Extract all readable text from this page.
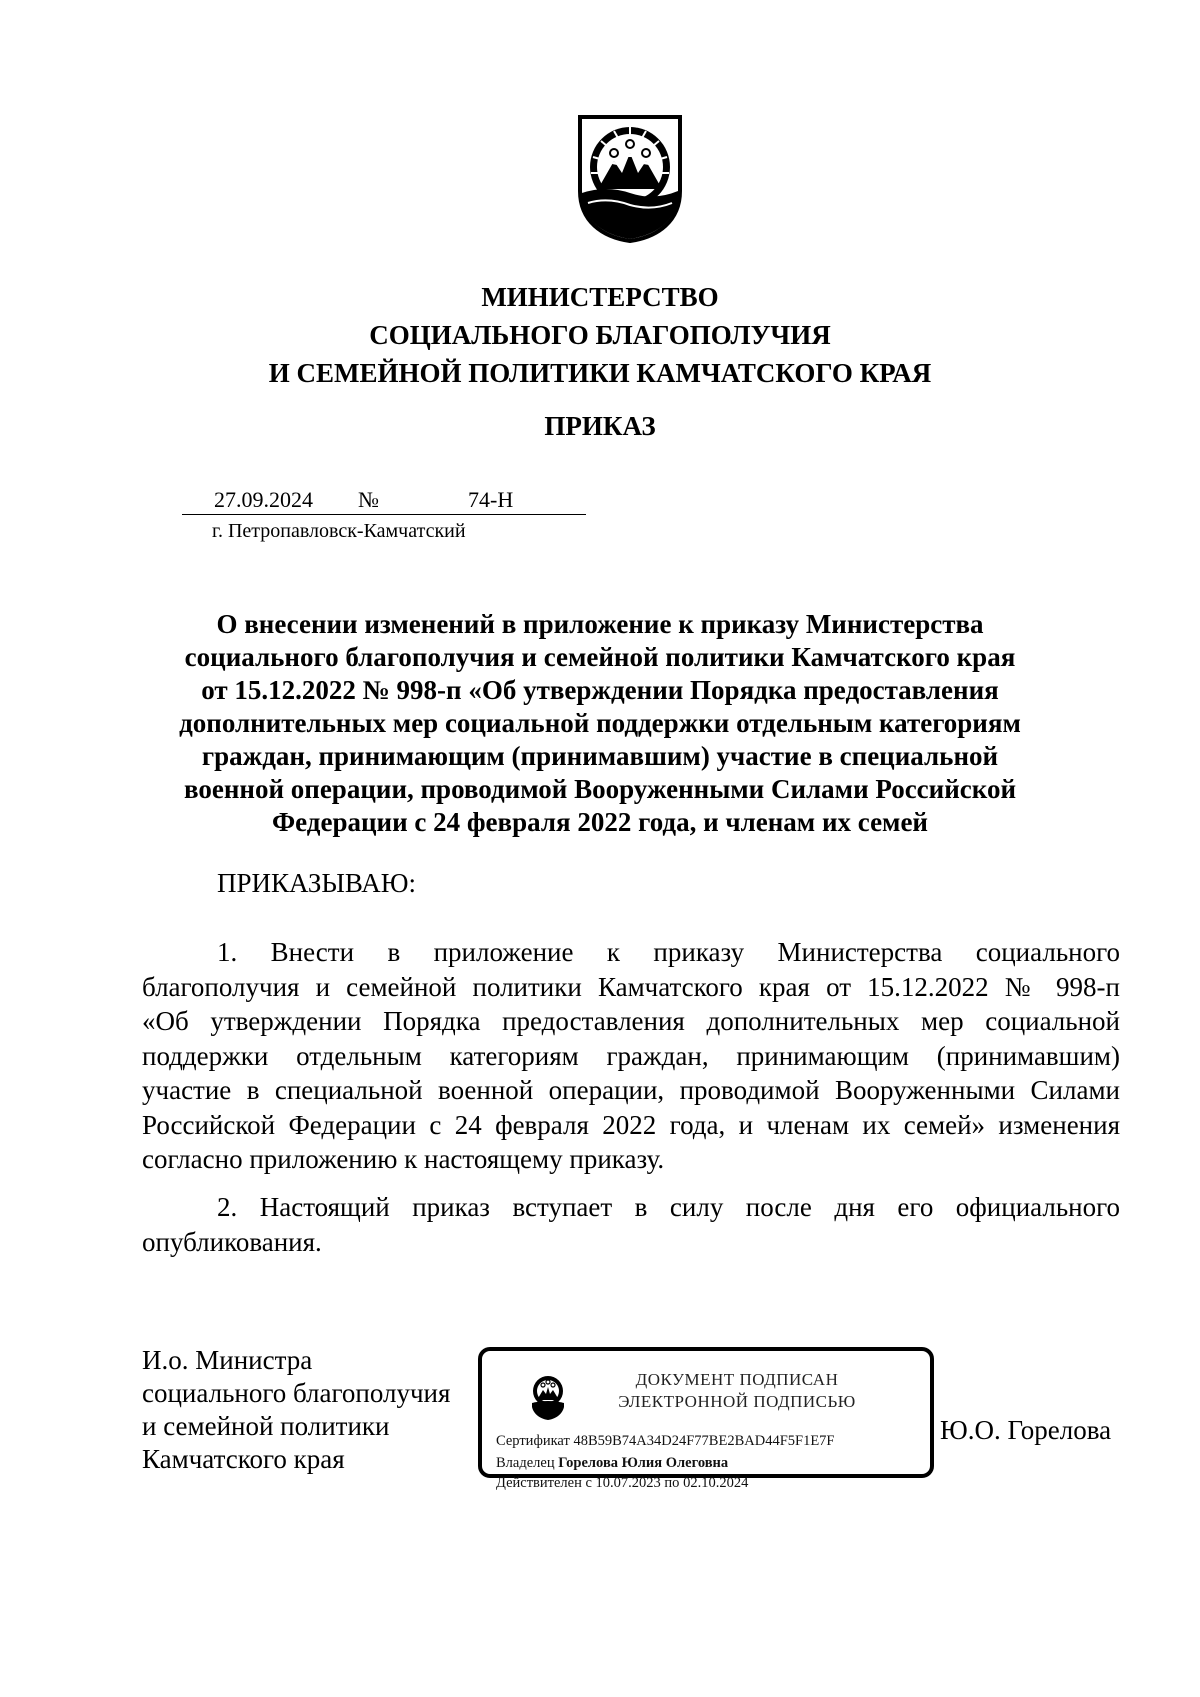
МИНИСТЕРСТВО
СОЦИАЛЬНОГО БЛАГОПОЛУЧИЯ
И СЕМЕЙНОЙ ПОЛИТИКИ КАМЧАТСКОГО КРАЯ
ПРИКАЗ
27.09.2024 №	74-Н
г. Петропавловск-Камчатский
О внесении изменений в приложение к приказу Министерства
социального благополучия и семейной политики Камчатского края
от 15.12.2022 № 998-п «Об утверждении Порядка предоставления
дополнительных мер социальной поддержки отдельным категориям
граждан, принимающим (принимавшим) участие в специальной
военной операции, проводимой Вооруженными Силами Российской
Федерации с 24 февраля 2022 года, и членам их семей
ПРИКАЗЫВАЮ:
1. Внести в приложение к приказу Министерства социального
благополучия и семейной политики Камчатского края от 15.12.2022 № 998-п
«Об утверждении Порядка предоставления дополнительных мер социальной
поддержки отдельным категориям граждан, принимающим (принимавшим)
участие в специальной военной операции, проводимой Вооруженными Силами
Российской Федерации с 24 февраля 2022 года, и членам их семей» изменения
согласно приложению к настоящему приказу.
2. Настоящий приказ вступает в силу после дня его официального
опубликования.
И.о. Министра
социального благополучия
и семейной политики
Камчатского края
ДОКУМЕНТ ПОДПИСАН
ЭЛЕКТРОННОЙ ПОДПИСЬЮ
Сертификат 48B59B74A34D24F77BE2BAD44F5F1E7F
Владелец Горелова Юлия Олеговна
Действителен с 10.07.2023 по 02.10.2024
Ю.О. Горелова
